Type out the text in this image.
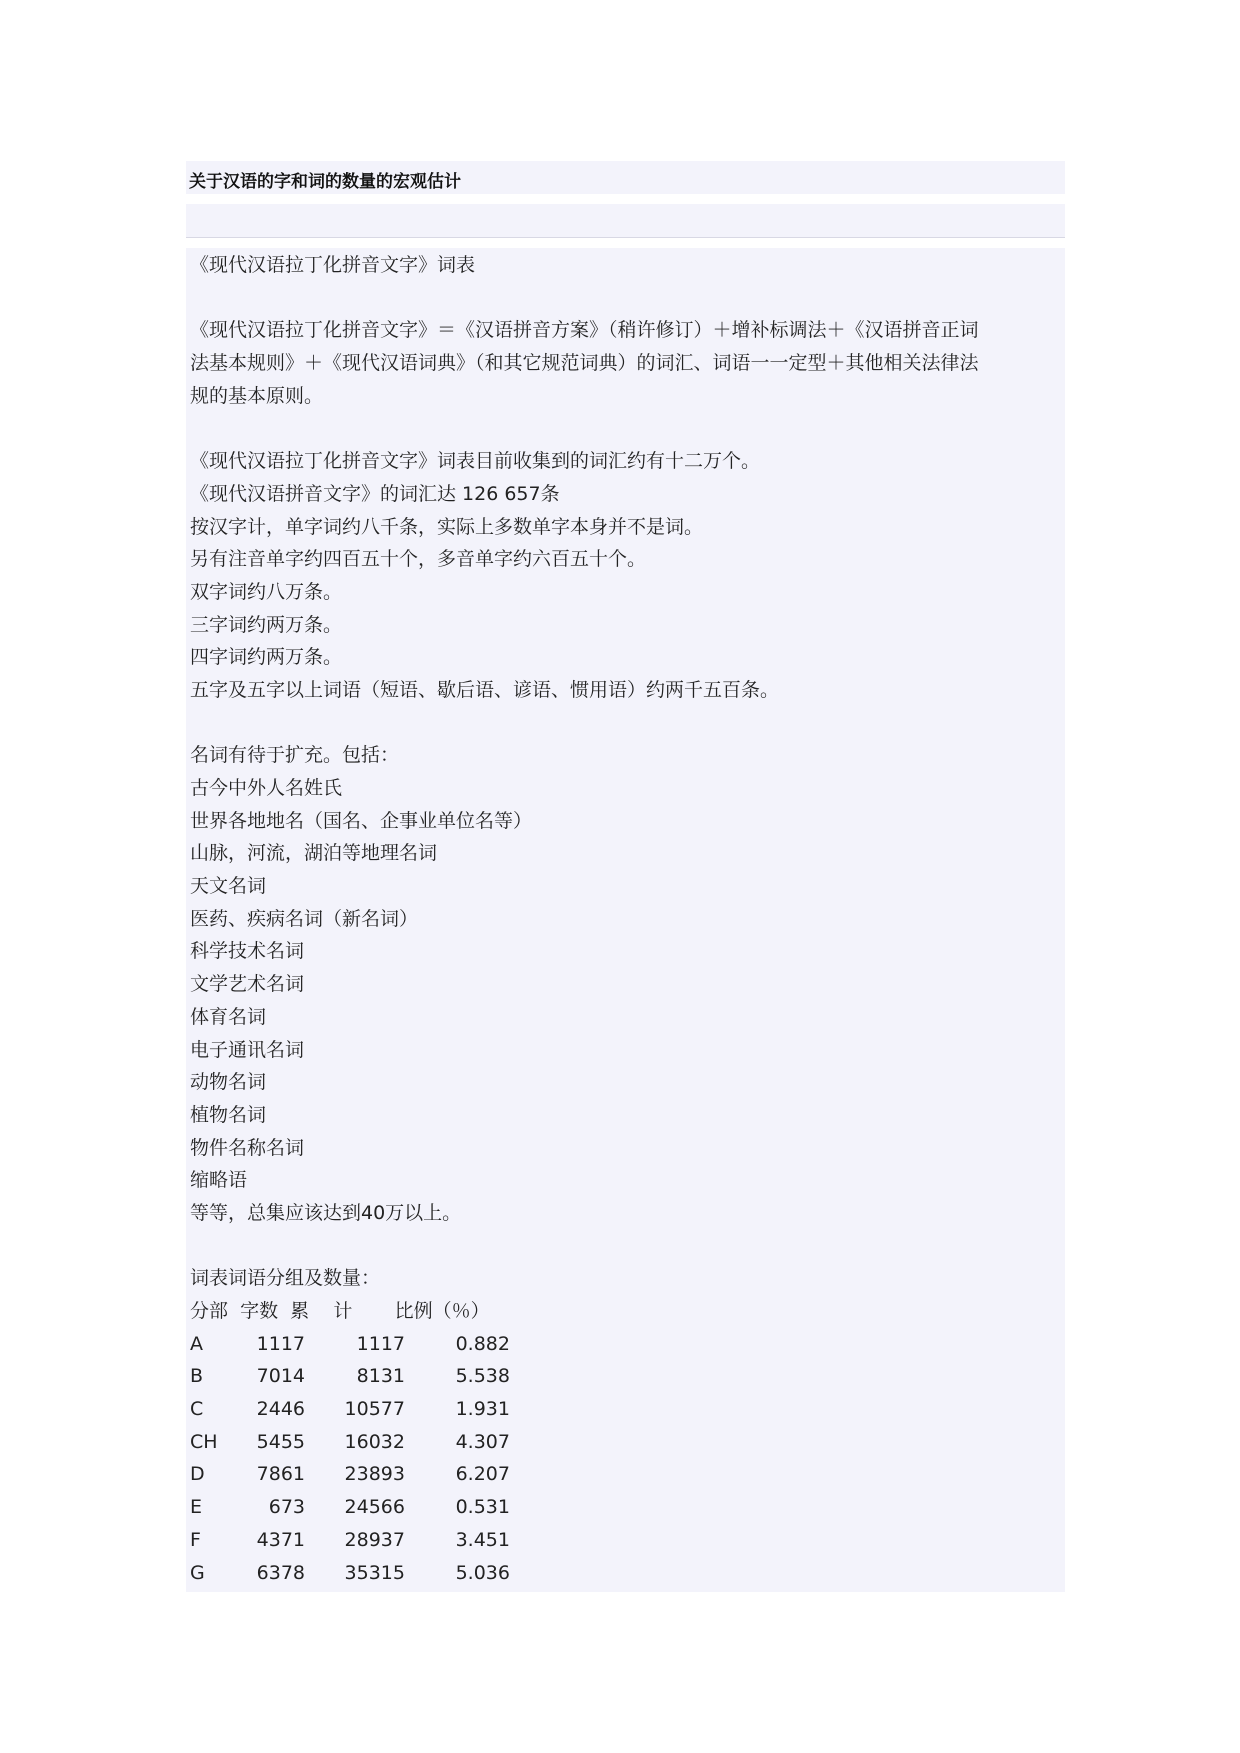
关于汉语的字和词的数量的宏观估计
《现代汉语拉丁化拼音文字》词表
《现代汉语拉丁化拼音文字》＝《汉语拼音方案》（稍许修订）＋增补标调法＋《汉语拼音正词
法基本规则》＋《现代汉语词典》（和其它规范词典）的词汇、词语一一定型＋其他相关法律法
规的基本原则。
《现代汉语拉丁化拼音文字》词表目前收集到的词汇约有十二万个。
《现代汉语拼音文字》的词汇达 126 657条
按汉字计，单字词约八千条，实际上多数单字本身并不是词。
另有注音单字约四百五十个，多音单字约六百五十个。
双字词约八万条。
三字词约两万条。
四字词约两万条。
五字及五字以上词语（短语、歇后语、谚语、惯用语）约两千五百条。
名词有待于扩充。包括：
古今中外人名姓氏
世界各地地名（国名、企事业单位名等）
山脉，河流，湖泊等地理名词
天文名词
医药、疾病名词（新名词）
科学技术名词
文学艺术名词
体育名词
电子通讯名词
动物名词
植物名词
物件名称名词
缩略语
等等，总集应该达到40万以上。
词表词语分组及数量：
分部  字数  累    计       比例（％）
A	1117	1117	0.882
B	7014	8131	5.538
C	2446	10577	1.931
CH	5455	16032	4.307
D	7861	23893	6.207
E	673	24566	0.531
F	4371	28937	3.451
G	6378	35315	5.036
